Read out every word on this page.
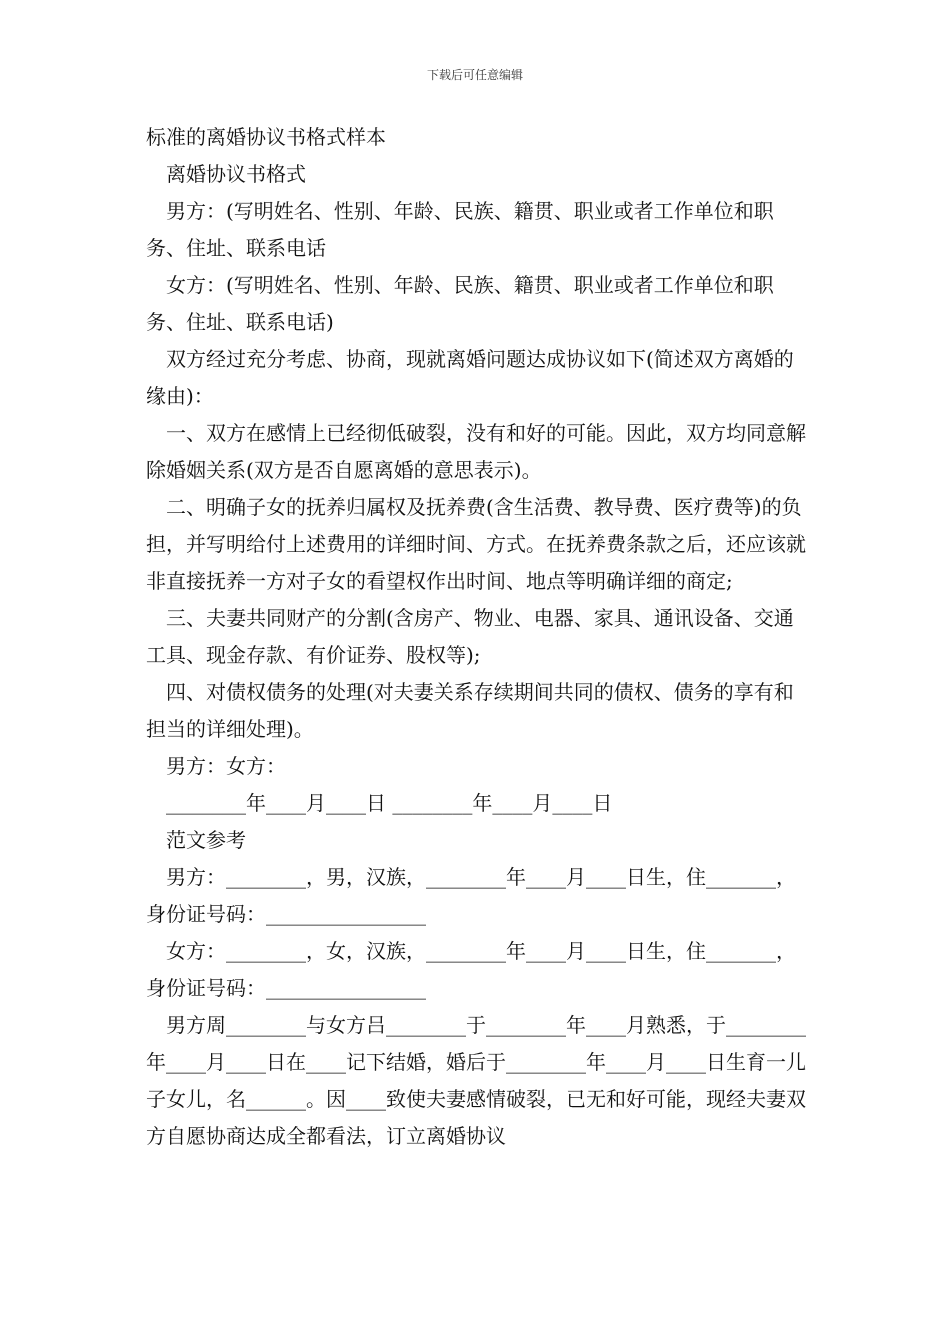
下载后可任意编辑

标准的离婚协议书格式样本

离婚协议书格式

男方：(写明姓名、性别、年龄、民族、籍贯、职业或者工作单位和职务、住址、联系电话

女方：(写明姓名、性别、年龄、民族、籍贯、职业或者工作单位和职务、住址、联系电话)

双方经过充分考虑、协商，现就离婚问题达成协议如下(简述双方离婚的缘由)：

一、双方在感情上已经彻低破裂，没有和好的可能。因此，双方均同意解除婚姻关系(双方是否自愿离婚的意思表示)。

二、明确子女的抚养归属权及抚养费(含生活费、教导费、医疗费等)的负担，并写明给付上述费用的详细时间、方式。在抚养费条款之后，还应该就非直接抚养一方对子女的看望权作出时间、地点等明确详细的商定;

三、夫妻共同财产的分割(含房产、物业、电器、家具、通讯设备、交通工具、现金存款、有价证券、股权等);

四、对债权债务的处理(对夫妻关系存续期间共同的债权、债务的享有和担当的详细处理)。

男方：女方：

________年____月____日 ________年____月____日

范文参考

男方：________，男，汉族，________年____月____日生，住_______，身份证号码：________________

女方：________，女，汉族，________年____月____日生，住_______，身份证号码：________________

男方周________与女方吕________于________年____月熟悉，于________年____月____日在____记下结婚，婚后于________年____月____日生育一儿子女儿，名______。因____致使夫妻感情破裂，已无和好可能，现经夫妻双方自愿协商达成全都看法，订立离婚协议
